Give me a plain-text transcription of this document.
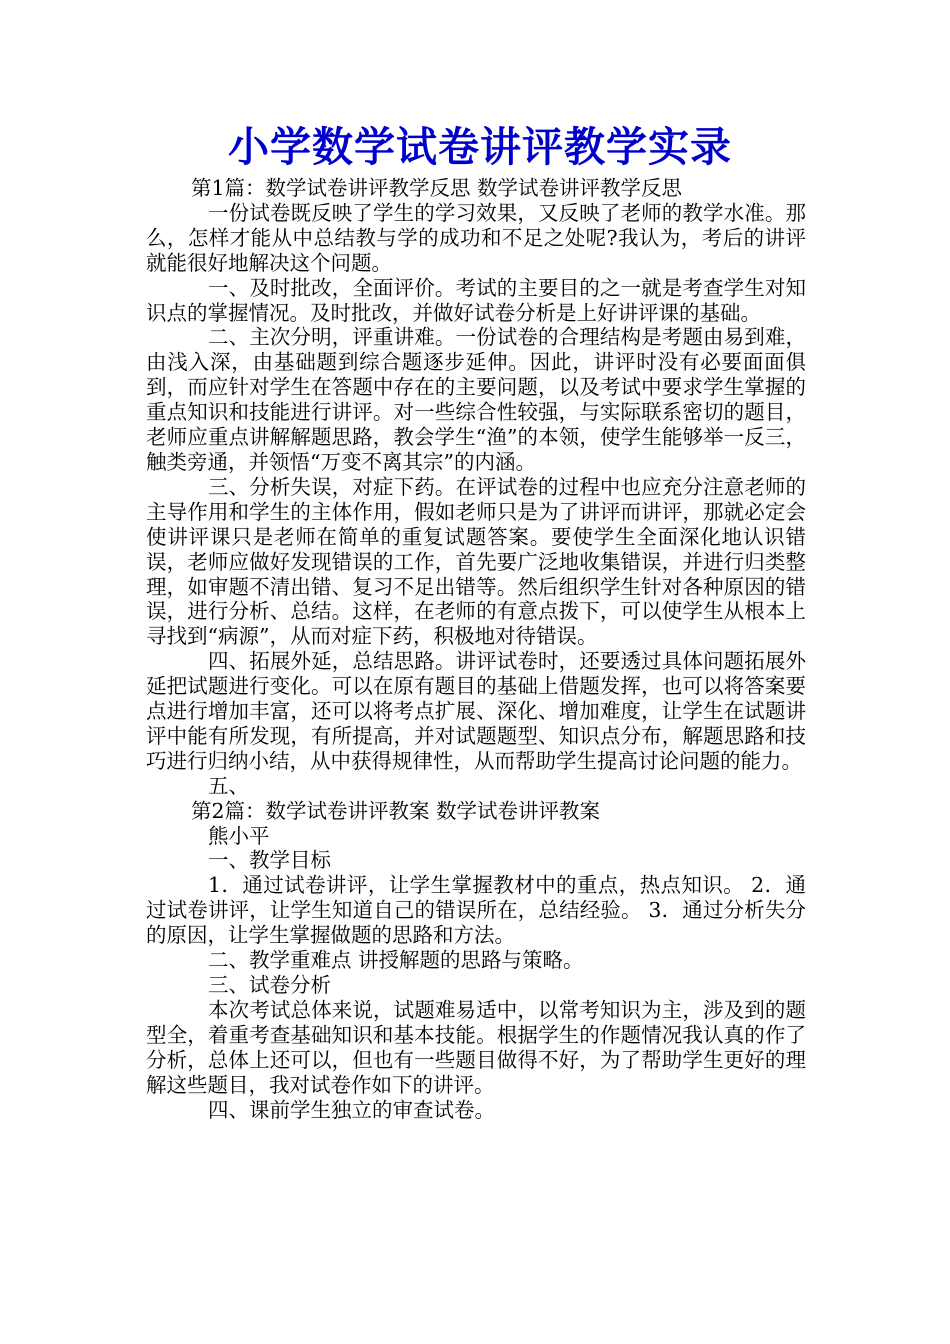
小学数学试卷讲评教学实录

第1篇：数学试卷讲评教学反思 数学试卷讲评教学反思

一份试卷既反映了学生的学习效果，又反映了老师的教学水准。那么，怎样才能从中总结教与学的成功和不足之处呢?我认为，考后的讲评就能很好地解决这个问题。

一、及时批改，全面评价。考试的主要目的之一就是考查学生对知识点的掌握情况。及时批改，并做好试卷分析是上好讲评课的基础。

二、主次分明，评重讲难。一份试卷的合理结构是考题由易到难，由浅入深，由基础题到综合题逐步延伸。因此，讲评时没有必要面面俱到，而应针对学生在答题中存在的主要问题，以及考试中要求学生掌握的重点知识和技能进行讲评。对一些综合性较强，与实际联系密切的题目，老师应重点讲解解题思路，教会学生“渔”的本领，使学生能够举一反三，触类旁通，并领悟“万变不离其宗”的内涵。

三、分析失误，对症下药。在评试卷的过程中也应充分注意老师的主导作用和学生的主体作用，假如老师只是为了讲评而讲评，那就必定会使讲评课只是老师在简单的重复试题答案。要使学生全面深化地认识错误，老师应做好发现错误的工作，首先要广泛地收集错误，并进行归类整理，如审题不清出错、复习不足出错等。然后组织学生针对各种原因的错误，进行分析、总结。这样，在老师的有意点拨下，可以使学生从根本上寻找到“病源”，从而对症下药，积极地对待错误。

四、拓展外延，总结思路。讲评试卷时，还要透过具体问题拓展外延把试题进行变化。可以在原有题目的基础上借题发挥，也可以将答案要点进行增加丰富，还可以将考点扩展、深化、增加难度，让学生在试题讲评中能有所发现，有所提高，并对试题题型、知识点分布，解题思路和技巧进行归纳小结，从中获得规律性，从而帮助学生提高讨论问题的能力。

五、

第2篇：数学试卷讲评教案 数学试卷讲评教案

熊小平

一、教学目标

1．通过试卷讲评，让学生掌握教材中的重点，热点知识。 2．通过试卷讲评，让学生知道自己的错误所在，总结经验。 3．通过分析失分的原因，让学生掌握做题的思路和方法。

二、教学重难点 讲授解题的思路与策略。

三、试卷分析

本次考试总体来说，试题难易适中，以常考知识为主，涉及到的题型全，着重考查基础知识和基本技能。根据学生的作题情况我认真的作了分析，总体上还可以，但也有一些题目做得不好，为了帮助学生更好的理解这些题目，我对试卷作如下的讲评。

四、课前学生独立的审查试卷。
